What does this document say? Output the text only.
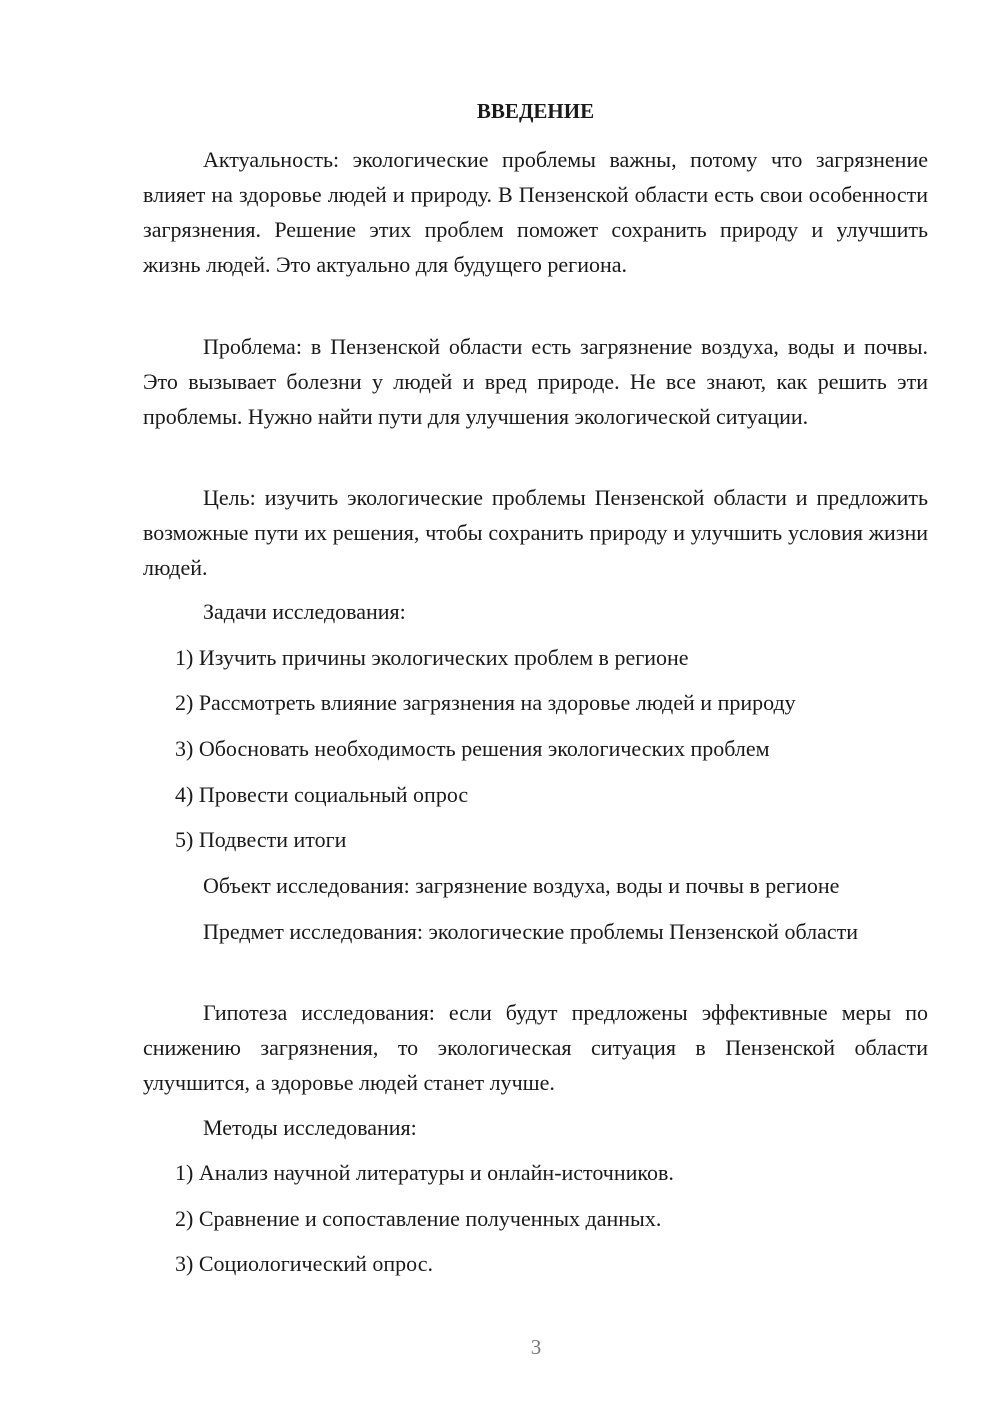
ВВЕДЕНИЕ

Актуальность: экологические проблемы важны, потому что загрязнение влияет на здоровье людей и природу. В Пензенской области есть свои особенности загрязнения. Решение этих проблем поможет сохранить природу и улучшить жизнь людей. Это актуально для будущего региона.

Проблема: в Пензенской области есть загрязнение воздуха, воды и почвы. Это вызывает болезни у людей и вред природе. Не все знают, как решить эти проблемы. Нужно найти пути для улучшения экологической ситуации.

Цель: изучить экологические проблемы Пензенской области и предложить возможные пути их решения, чтобы сохранить природу и улучшить условия жизни людей.

Задачи исследования:

1) Изучить причины экологических проблем в регионе

2) Рассмотреть влияние загрязнения на здоровье людей и природу

3) Обосновать необходимость решения экологических проблем

4) Провести социальный опрос

5) Подвести итоги

Объект исследования: загрязнение воздуха, воды и почвы в регионе

Предмет исследования: экологические проблемы Пензенской области

Гипотеза исследования: если будут предложены эффективные меры по снижению загрязнения, то экологическая ситуация в Пензенской области улучшится, а здоровье людей станет лучше.

Методы исследования:

1) Анализ научной литературы и онлайн-источников.

2) Сравнение и сопоставление полученных данных.

3) Социологический опрос.

3
